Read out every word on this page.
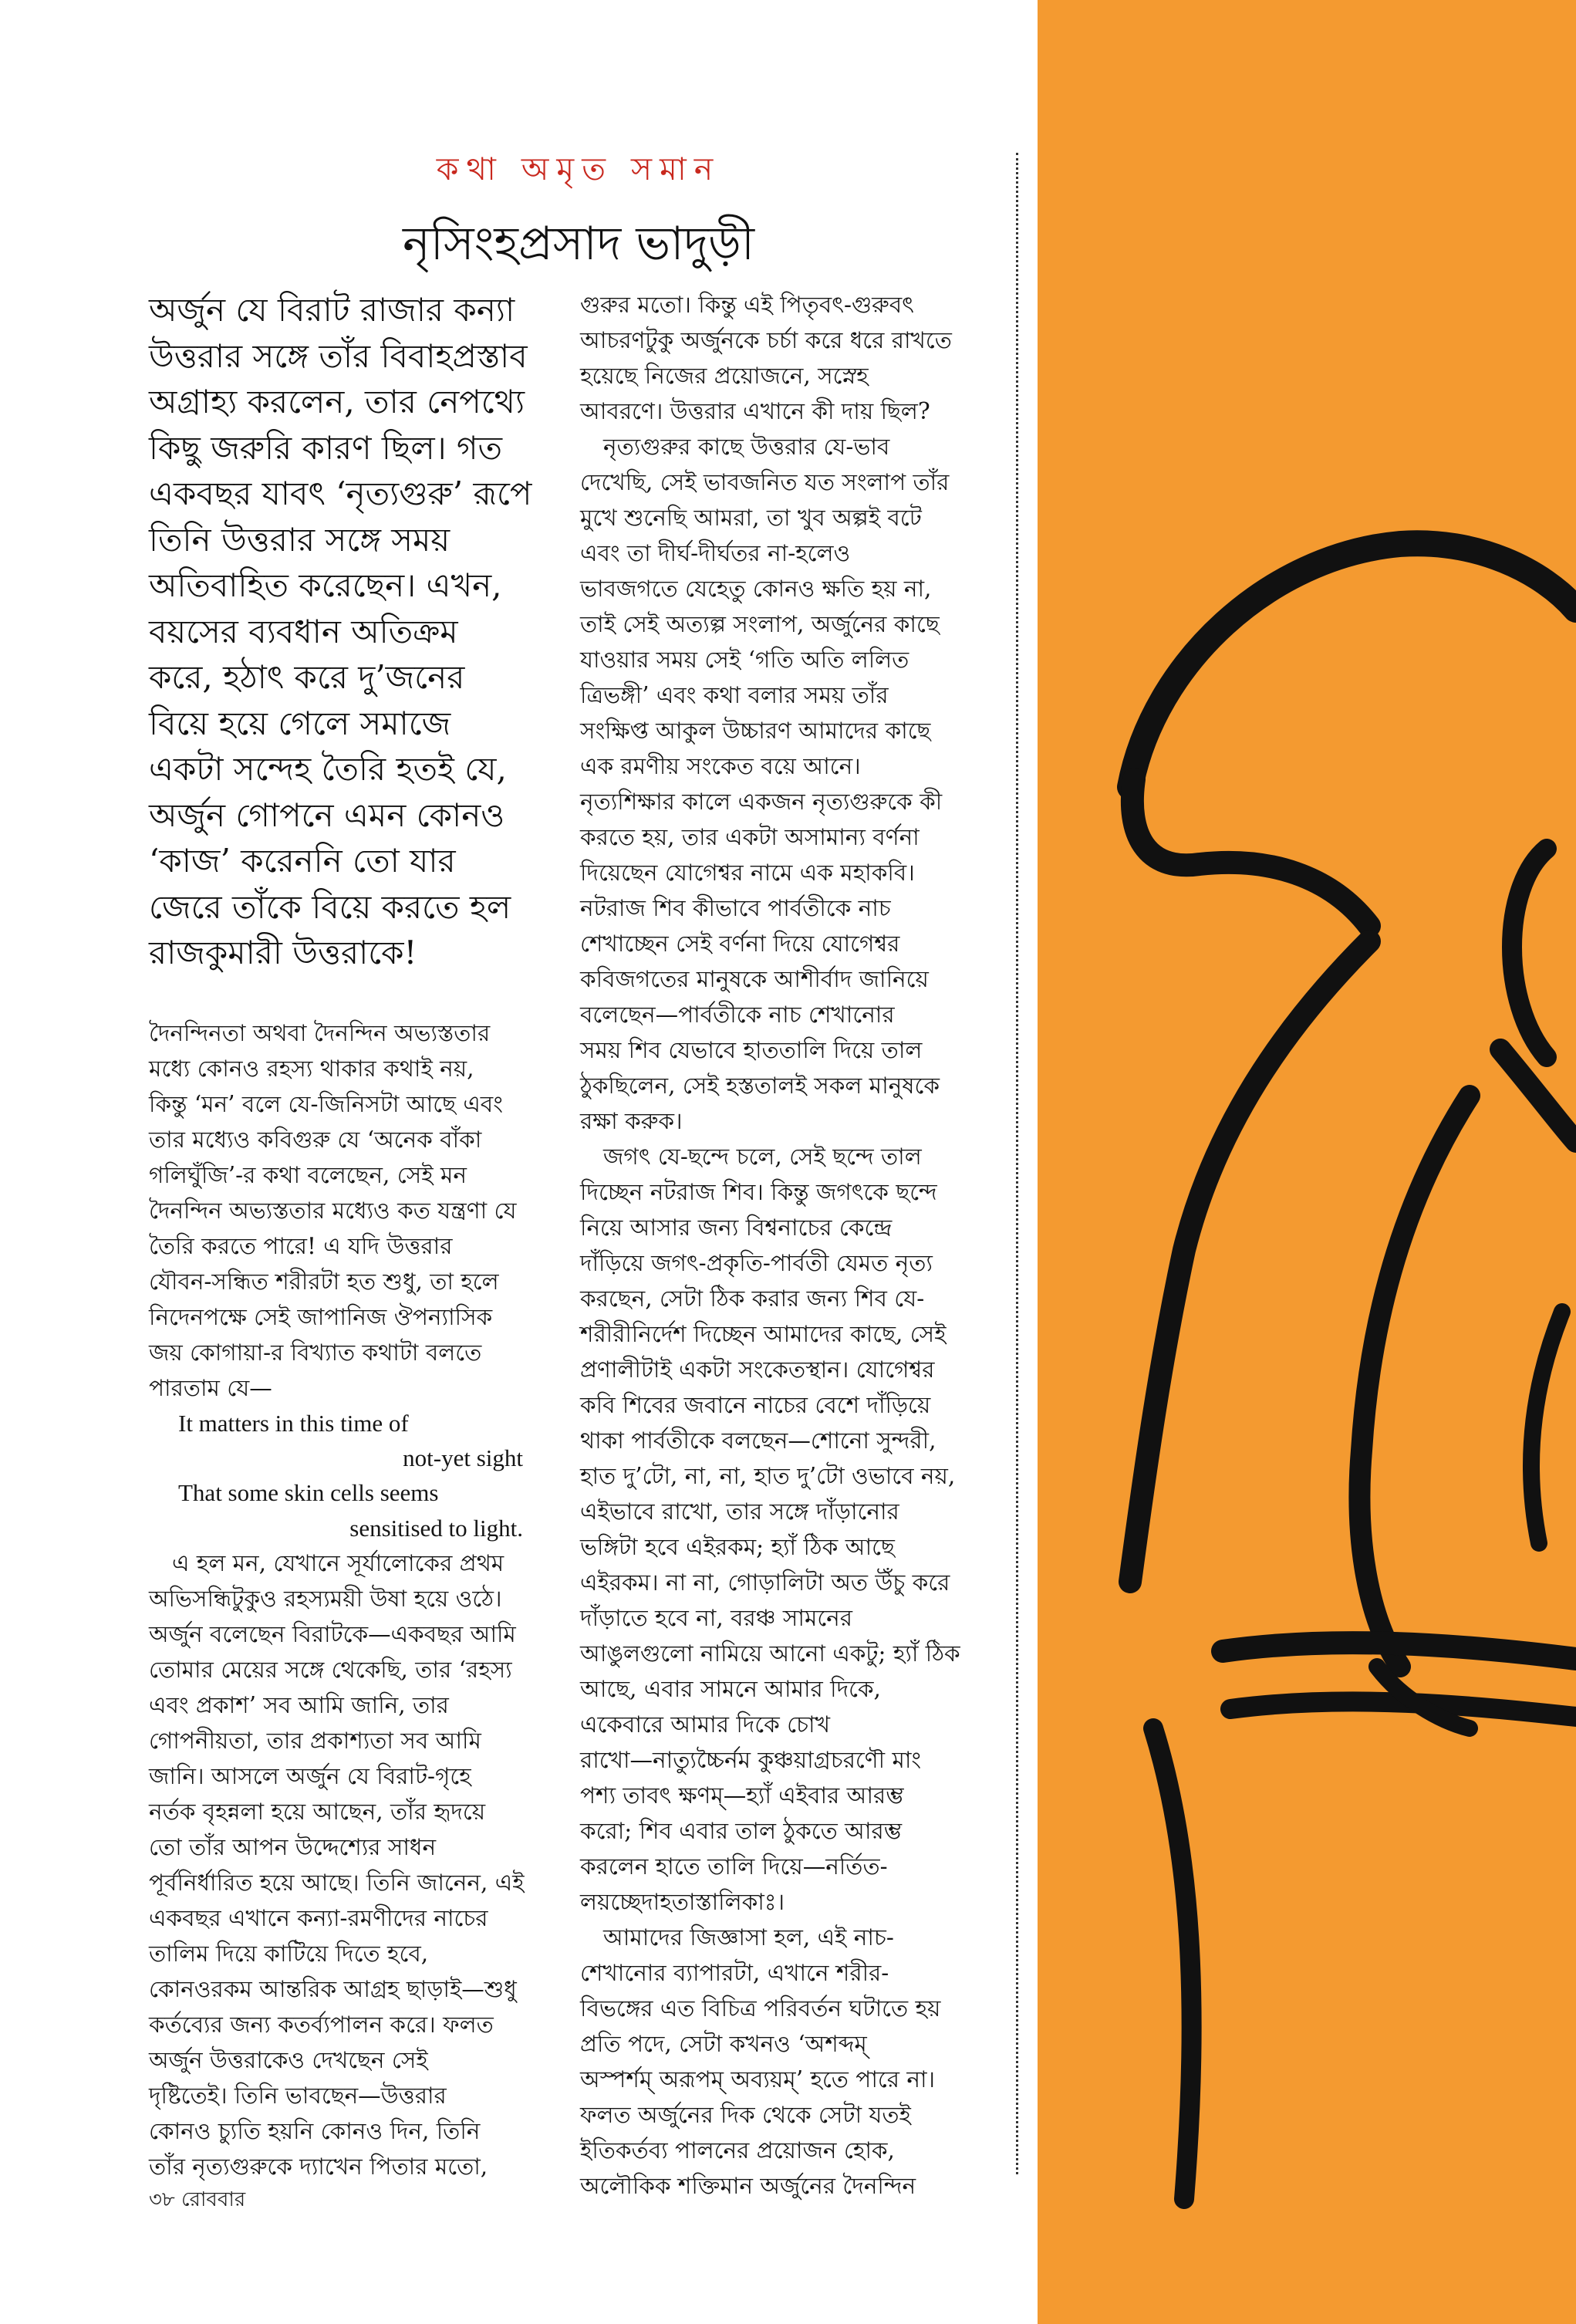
কথা অমৃত সমান
নৃসিংহপ্রসাদ ভাদুড়ী
অর্জুন যে বিরাট রাজার কন্যা
উত্তরার সঙ্গে তাঁর বিবাহপ্রস্তাব
অগ্রাহ্য করলেন, তার নেপথ্যে
কিছু জরুরি কারণ ছিল। গত
একবছর যাবৎ ‘নৃত্যগুরু’ রূপে
তিনি উত্তরার সঙ্গে সময়
অতিবাহিত করেছেন। এখন,
বয়সের ব্যবধান অতিক্রম
করে, হঠাৎ করে দু’জনের
বিয়ে হয়ে গেলে সমাজে
একটা সন্দেহ তৈরি হতই যে,
অর্জুন গোপনে এমন কোনও
‘কাজ’ করেননি তো যার
জেরে তাঁকে বিয়ে করতে হল
রাজকুমারী উত্তরাকে!
দৈনন্দিনতা অথবা দৈনন্দিন অভ্যস্ততার
মধ্যে কোনও রহস্য থাকার কথাই নয়,
কিন্তু ‘মন’ বলে যে-জিনিসটা আছে এবং
তার মধ্যেও কবিগুরু যে ‘অনেক বাঁকা
গলিঘুঁজি’-র কথা বলেছেন, সেই মন
দৈনন্দিন অভ্যস্ততার মধ্যেও কত যন্ত্রণা যে
তৈরি করতে পারে! এ যদি উত্তরার
যৌবন-সন্ধিত শরীরটা হত শুধু, তা হলে
নিদেনপক্ষে সেই জাপানিজ ঔপন্যাসিক
জয় কোগায়া-র বিখ্যাত কথাটা বলতে
পারতাম যে—
It matters in this time of
not-yet sight
That some skin cells seems
sensitised to light.
এ হল মন, যেখানে সূর্যালোকের প্রথম
অভিসন্ধিটুকুও রহস্যময়ী উষা হয়ে ওঠে।
অর্জুন বলেছেন বিরাটকে—একবছর আমি
তোমার মেয়ের সঙ্গে থেকেছি, তার ‘রহস্য
এবং প্রকাশ’ সব আমি জানি, তার
গোপনীয়তা, তার প্রকাশ্যতা সব আমি
জানি। আসলে অর্জুন যে বিরাট-গৃহে
নর্তক বৃহন্নলা হয়ে আছেন, তাঁর হৃদয়ে
তো তাঁর আপন উদ্দেশ্যের সাধন
পূর্বনির্ধারিত হয়ে আছে। তিনি জানেন, এই
একবছর এখানে কন্যা-রমণীদের নাচের
তালিম দিয়ে কাটিয়ে দিতে হবে,
কোনওরকম আন্তরিক আগ্রহ ছাড়াই—শুধু
কর্তব্যের জন্য কতর্ব্যপালন করে। ফলত
অর্জুন উত্তরাকেও দেখছেন সেই
দৃষ্টিতেই। তিনি ভাবছেন—উত্তরার
কোনও চ্যুতি হয়নি কোনও দিন, তিনি
তাঁর নৃত্যগুরুকে দ্যাখেন পিতার মতো,
গুরুর মতো। কিন্তু এই পিতৃবৎ-গুরুবৎ
আচরণটুকু অর্জুনকে চর্চা করে ধরে রাখতে
হয়েছে নিজের প্রয়োজনে, সস্নেহ
আবরণে। উত্তরার এখানে কী দায় ছিল?
নৃত্যগুরুর কাছে উত্তরার যে-ভাব
দেখেছি, সেই ভাবজনিত যত সংলাপ তাঁর
মুখে শুনেছি আমরা, তা খুব অল্পই বটে
এবং তা দীর্ঘ-দীর্ঘতর না-হলেও
ভাবজগতে যেহেতু কোনও ক্ষতি হয় না,
তাই সেই অত্যল্প সংলাপ, অর্জুনের কাছে
যাওয়ার সময় সেই ‘গতি অতি ললিত
ত্রিভঙ্গী’ এবং কথা বলার সময় তাঁর
সংক্ষিপ্ত আকুল উচ্চারণ আমাদের কাছে
এক রমণীয় সংকেত বয়ে আনে।
নৃত্যশিক্ষার কালে একজন নৃত্যগুরুকে কী
করতে হয়, তার একটা অসামান্য বর্ণনা
দিয়েছেন যোগেশ্বর নামে এক মহাকবি।
নটরাজ শিব কীভাবে পার্বতীকে নাচ
শেখাচ্ছেন সেই বর্ণনা দিয়ে যোগেশ্বর
কবিজগতের মানুষকে আশীর্বাদ জানিয়ে
বলেছেন—পার্বতীকে নাচ শেখানোর
সময় শিব যেভাবে হাততালি দিয়ে তাল
ঠুকছিলেন, সেই হস্ততালই সকল মানুষকে
রক্ষা করুক।
জগৎ যে-ছন্দে চলে, সেই ছন্দে তাল
দিচ্ছেন নটরাজ শিব। কিন্তু জগৎকে ছন্দে
নিয়ে আসার জন্য বিশ্বনাচের কেন্দ্রে
দাঁড়িয়ে জগৎ-প্রকৃতি-পার্বতী যেমত নৃত্য
করছেন, সেটা ঠিক করার জন্য শিব যে-
শরীরীনির্দেশ দিচ্ছেন আমাদের কাছে, সেই
প্রণালীটাই একটা সংকেতস্থান। যোগেশ্বর
কবি শিবের জবানে নাচের বেশে দাঁড়িয়ে
থাকা পার্বতীকে বলছেন—শোনো সুন্দরী,
হাত দু’টো, না, না, হাত দু’টো ওভাবে নয়,
এইভাবে রাখো, তার সঙ্গে দাঁড়ানোর
ভঙ্গিটা হবে এইরকম; হ্যাঁ ঠিক আছে
এইরকম। না না, গোড়ালিটা অত উঁচু করে
দাঁড়াতে হবে না, বরঞ্চ সামনের
আঙুলগুলো নামিয়ে আনো একটু; হ্যাঁ ঠিক
আছে, এবার সামনে আমার দিকে,
একেবারে আমার দিকে চোখ
রাখো—নাত্যুচ্চৈর্নম কুঞ্চয়াগ্রচরণৌ মাং
পশ্য তাবৎ ক্ষণম্—হ্যাঁ এইবার আরম্ভ
করো; শিব এবার তাল ঠুকতে আরম্ভ
করলেন হাতে তালি দিয়ে—নর্তিত-
লয়চ্ছেদাহতাস্তালিকাঃ।
আমাদের জিজ্ঞাসা হল, এই নাচ-
শেখানোর ব্যাপারটা, এখানে শরীর-
বিভঙ্গের এত বিচিত্র পরিবর্তন ঘটাতে হয়
প্রতি পদে, সেটা কখনও ‘অশব্দম্
অস্পর্শম্ অরূপম্ অব্যয়ম্’ হতে পারে না।
ফলত অর্জুনের দিক থেকে সেটা যতই
ইতিকর্তব্য পালনের প্রয়োজন হোক,
অলৌকিক শক্তিমান অর্জুনের দৈনন্দিন
৩৮ রোববার
